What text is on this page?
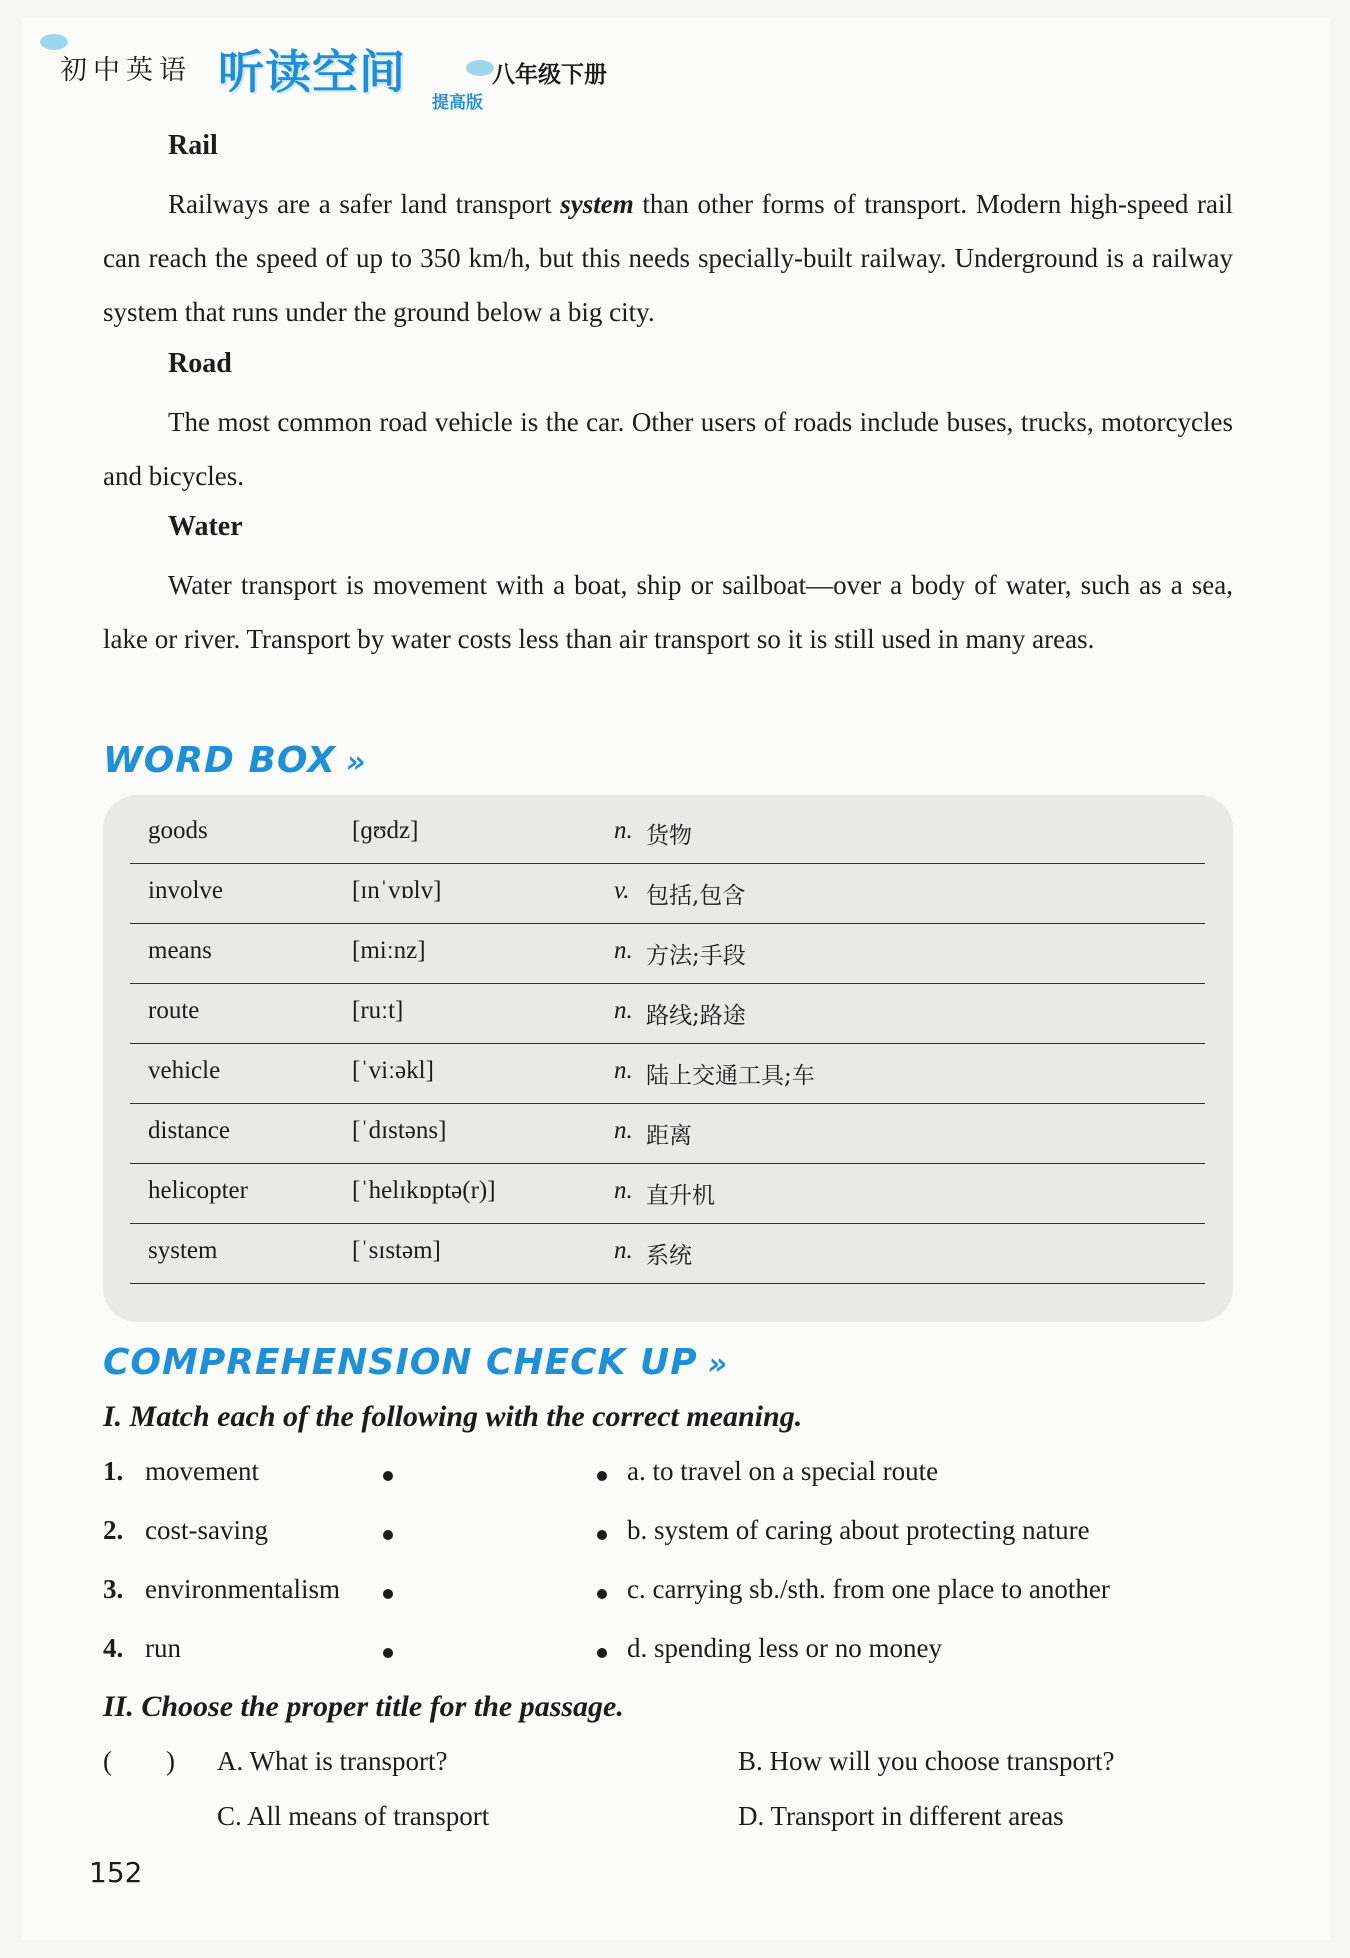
初中英语 听读空间
提高版
八年级下册
Rail
Railways are a safer land transport system than other forms of transport. Modern high-speed rail can reach the speed of up to 350 km/h, but this needs specially-built railway. Underground is a railway system that runs under the ground below a big city.
Road
The most common road vehicle is the car. Other users of roads include buses, trucks, motorcycles and bicycles.
Water
Water transport is movement with a boat, ship or sailboat—over a body of water, such as a sea, lake or river. Transport by water costs less than air transport so it is still used in many areas.
WORD BOX »
goods	[ɡʊdz]	n. 货物
involve	[ɪnˈvɒlv]	v. 包括,包含
means	[miːnz]	n. 方法;手段
route	[ruːt]	n. 路线;路途
vehicle	[ˈviːəkl]	n. 陆上交通工具;车
distance	[ˈdɪstəns]	n. 距离
helicopter	[ˈhelɪkɒptə(r)]	n. 直升机
system	[ˈsɪstəm]	n. 系统
COMPREHENSION CHECK UP »
I. Match each of the following with the correct meaning.
1. movement	a. to travel on a special route
2. cost-saving	b. system of caring about protecting nature
3. environmentalism	c. carrying sb./sth. from one place to another
4. run	d. spending less or no money
II. Choose the proper title for the passage.
(        ) A. What is transport?	B. How will you choose transport?
C. All means of transport	D. Transport in different areas
152
